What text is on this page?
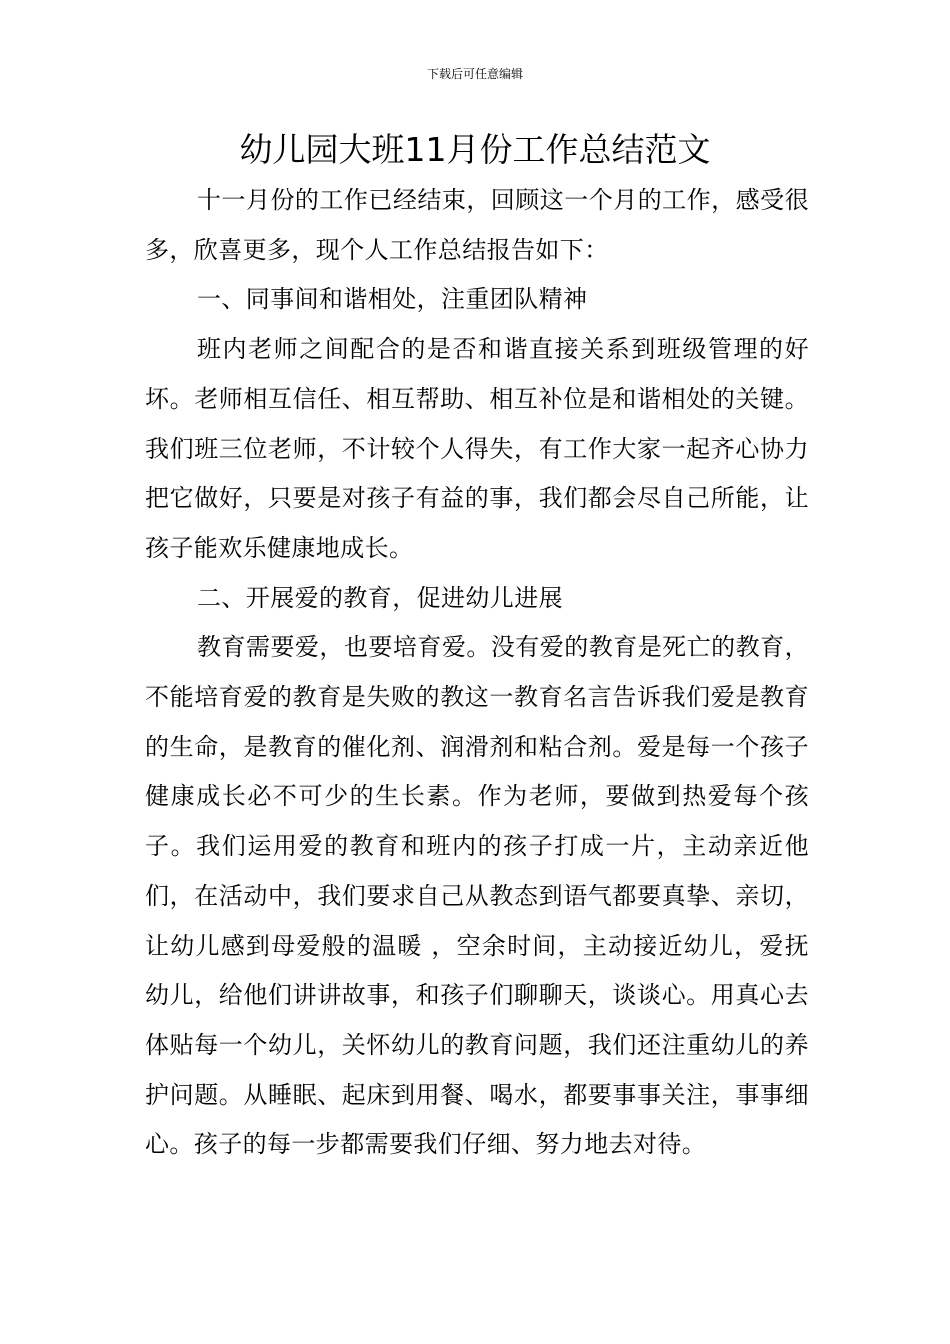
下载后可任意编辑
幼儿园大班11月份工作总结范文

十一月份的工作已经结束，回顾这一个月的工作，感受很多，欣喜更多，现个人工作总结报告如下：

一、同事间和谐相处，注重团队精神

班内老师之间配合的是否和谐直接关系到班级管理的好坏。老师相互信任、相互帮助、相互补位是和谐相处的关键。我们班三位老师，不计较个人得失，有工作大家一起齐心协力把它做好，只要是对孩子有益的事，我们都会尽自己所能，让孩子能欢乐健康地成长。

二、开展爱的教育，促进幼儿进展

教育需要爱，也要培育爱。没有爱的教育是死亡的教育，不能培育爱的教育是失败的教这一教育名言告诉我们爱是教育的生命，是教育的催化剂、润滑剂和粘合剂。爱是每一个孩子健康成长必不可少的生长素。作为老师，要做到热爱每个孩子。我们运用爱的教育和班内的孩子打成一片，主动亲近他们，在活动中，我们要求自己从教态到语气都要真挚、亲切，让幼儿感到母爱般的温暖 ，空余时间，主动接近幼儿，爱抚幼儿，给他们讲讲故事，和孩子们聊聊天，谈谈心。用真心去体贴每一个幼儿，关怀幼儿的教育问题，我们还注重幼儿的养护问题。从睡眠、起床到用餐、喝水，都要事事关注，事事细心。孩子的每一步都需要我们仔细、努力地去对待。
